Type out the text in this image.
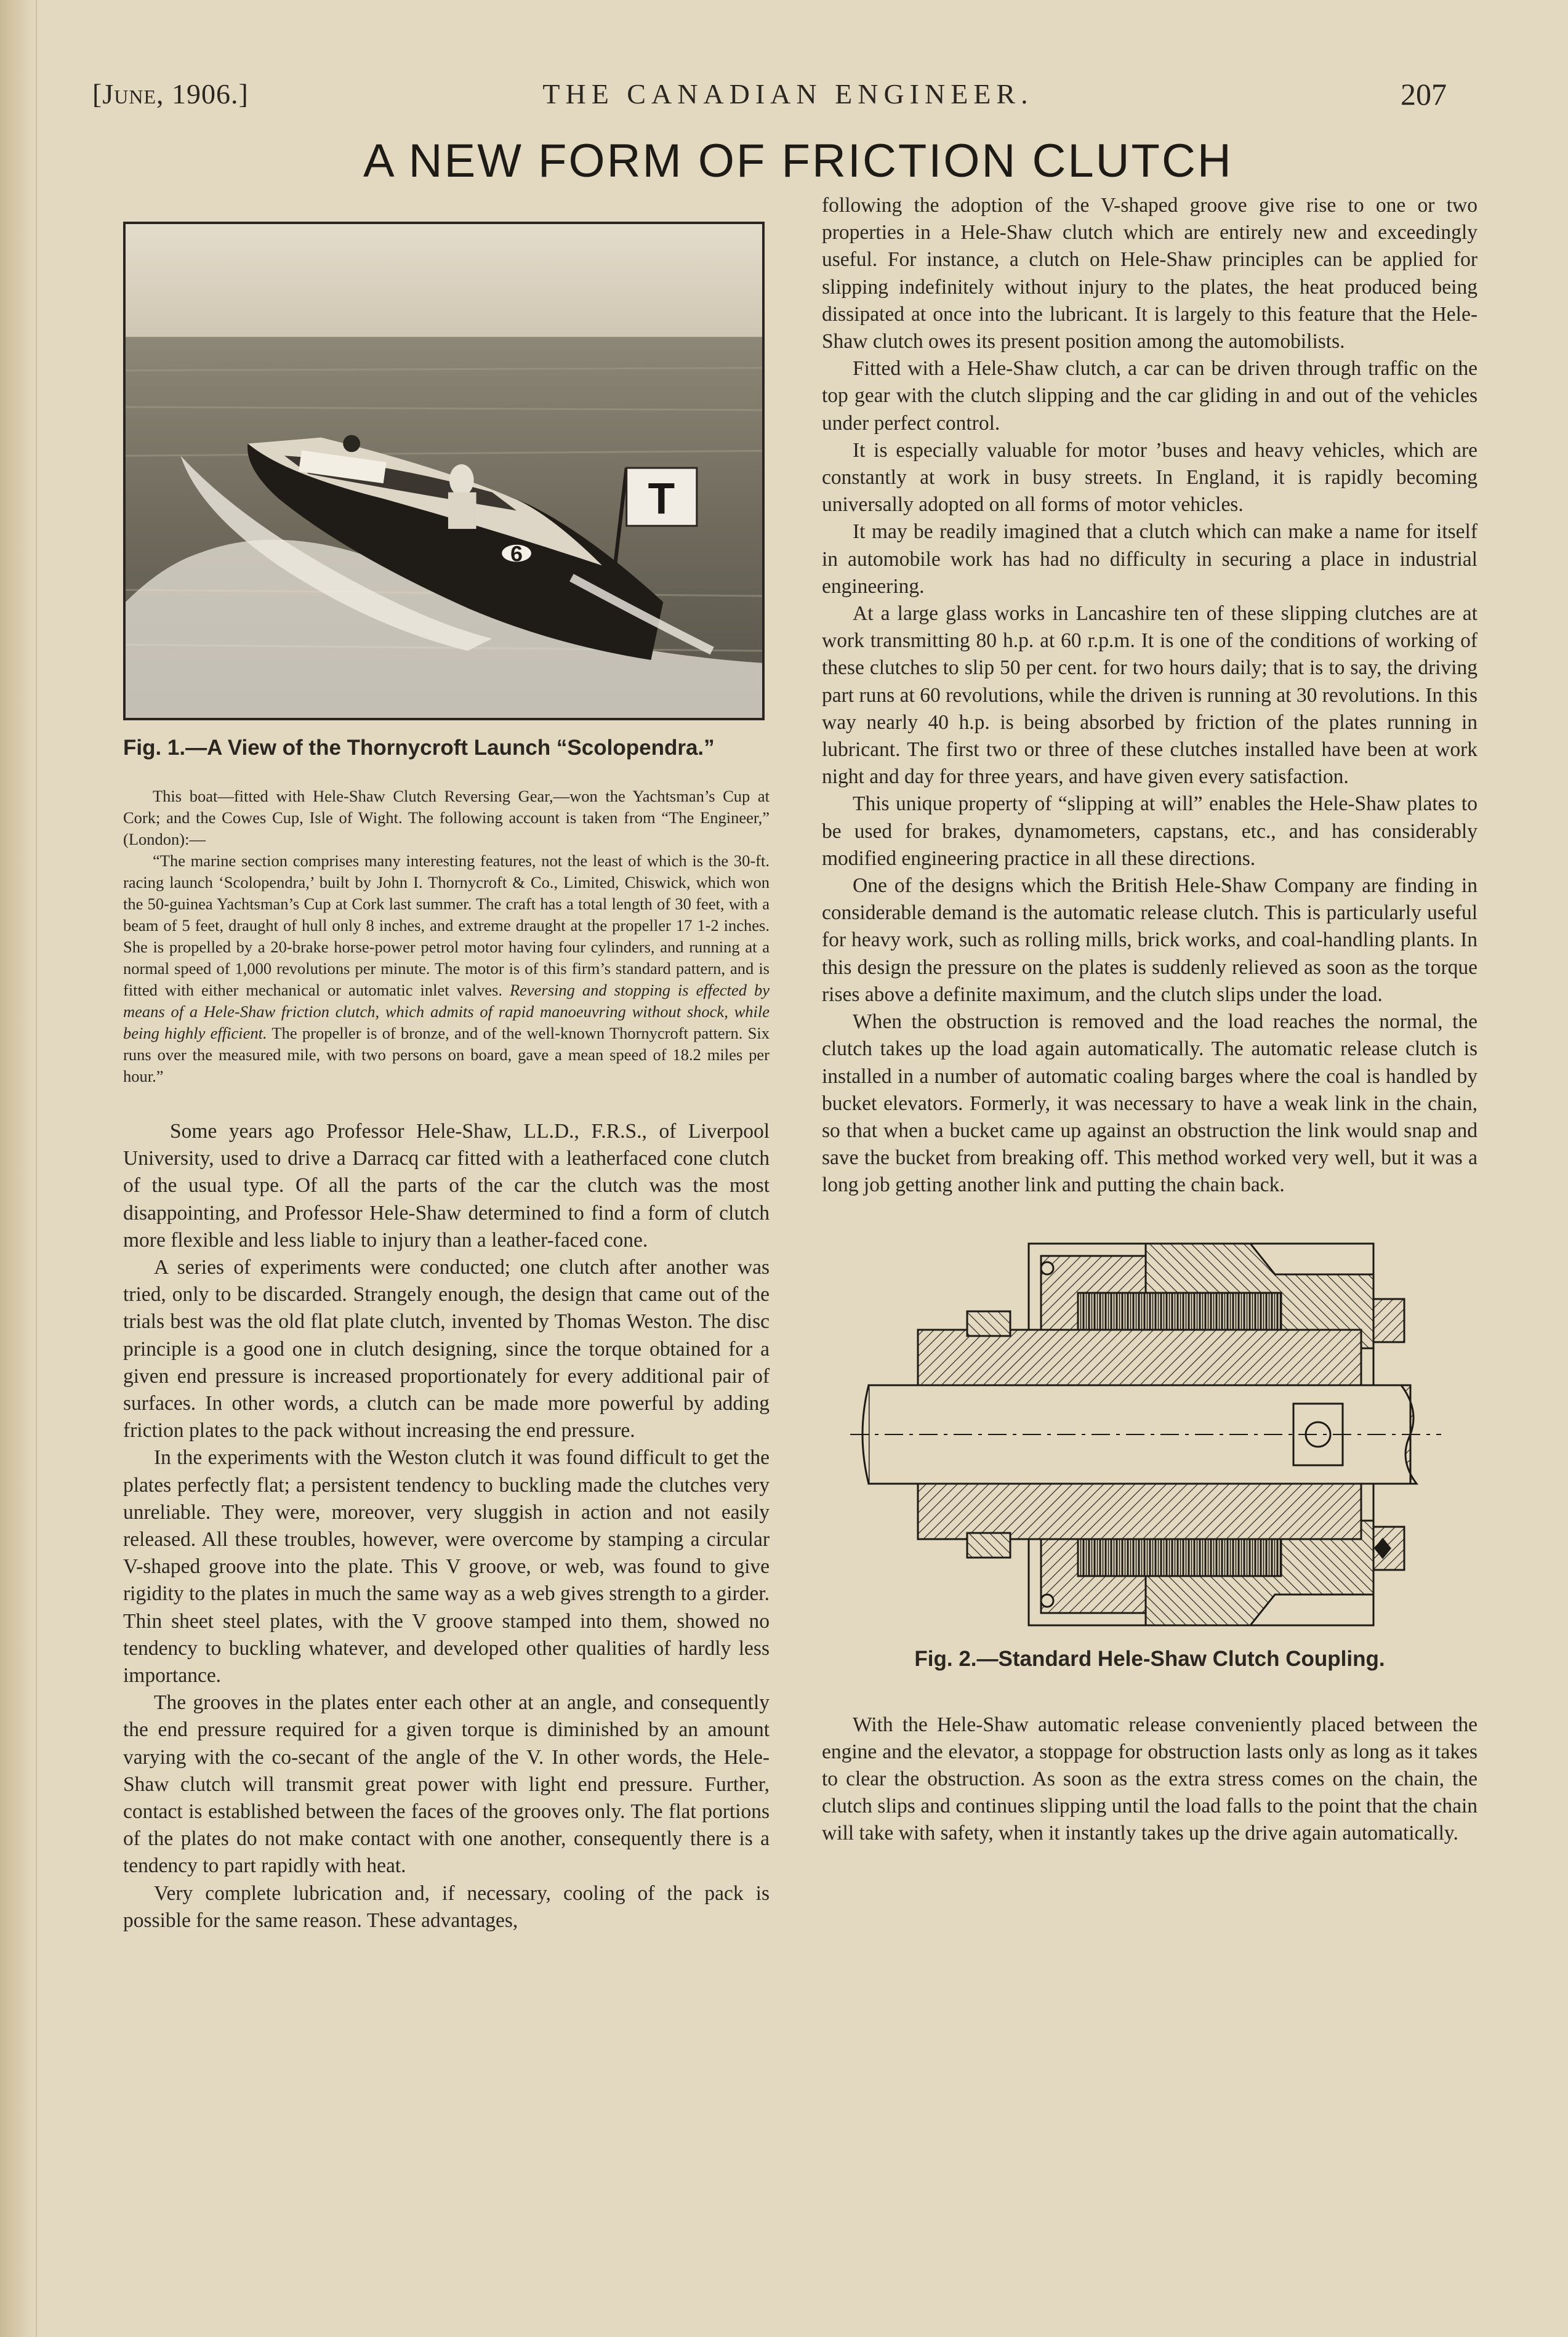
[June, 1906.]	THE CANADIAN ENGINEER.	207
A NEW FORM OF FRICTION CLUTCH
T
6

Fig. 1.—A View of the Thornycroft Launch “Scolopendra.”

This boat—fitted with Hele-Shaw Clutch Reversing Gear,—won the Yachtsman’s Cup at Cork; and the Cowes Cup, Isle of Wight. The following account is taken from “The Engineer,” (London):—

“The marine section comprises many interesting features, not the least of which is the 30-ft. racing launch ‘Scolopendra,’ built by John I. Thornycroft & Co., Limited, Chiswick, which won the 50-guinea Yachtsman’s Cup at Cork last summer. The craft has a total length of 30 feet, with a beam of 5 feet, draught of hull only 8 inches, and extreme draught at the propeller 17 1-2 inches. She is propelled by a 20-brake horse-power petrol motor having four cylinders, and running at a normal speed of 1,000 revolutions per minute. The motor is of this firm’s standard pattern, and is fitted with either mechanical or automatic inlet valves. Reversing and stopping is effected by means of a Hele-Shaw friction clutch, which admits of rapid manoeuvring without shock, while being highly efficient. The propeller is of bronze, and of the well-known Thornycroft pattern. Six runs over the measured mile, with two persons on board, gave a mean speed of 18.2 miles per hour.”

Some years ago Professor Hele-Shaw, LL.D., F.R.S., of Liverpool University, used to drive a Darracq car fitted with a leatherfaced cone clutch of the usual type. Of all the parts of the car the clutch was the most disappointing, and Professor Hele-Shaw determined to find a form of clutch more flexible and less liable to injury than a leather-faced cone.

A series of experiments were conducted; one clutch after another was tried, only to be discarded. Strangely enough, the design that came out of the trials best was the old flat plate clutch, invented by Thomas Weston. The disc principle is a good one in clutch designing, since the torque obtained for a given end pressure is increased proportionately for every additional pair of surfaces. In other words, a clutch can be made more powerful by adding friction plates to the pack without increasing the end pressure.

In the experiments with the Weston clutch it was found difficult to get the plates perfectly flat; a persistent tendency to buckling made the clutches very unreliable. They were, moreover, very sluggish in action and not easily released. All these troubles, however, were overcome by stamping a circular V-shaped groove into the plate. This V groove, or web, was found to give rigidity to the plates in much the same way as a web gives strength to a girder. Thin sheet steel plates, with the V groove stamped into them, showed no tendency to buckling whatever, and developed other qualities of hardly less importance.

The grooves in the plates enter each other at an angle, and consequently the end pressure required for a given torque is diminished by an amount varying with the co-secant of the angle of the V. In other words, the Hele-Shaw clutch will transmit great power with light end pressure. Further, contact is established between the faces of the grooves only. The flat portions of the plates do not make contact with one another, consequently there is a tendency to part rapidly with heat.

Very complete lubrication and, if necessary, cooling of the pack is possible for the same reason. These advantages,

following the adoption of the V-shaped groove give rise to one or two properties in a Hele-Shaw clutch which are entirely new and exceedingly useful. For instance, a clutch on Hele-Shaw principles can be applied for slipping indefinitely without injury to the plates, the heat produced being dissipated at once into the lubricant. It is largely to this feature that the Hele-Shaw clutch owes its present position among the automobilists.

Fitted with a Hele-Shaw clutch, a car can be driven through traffic on the top gear with the clutch slipping and the car gliding in and out of the vehicles under perfect control.

It is especially valuable for motor ’buses and heavy vehicles, which are constantly at work in busy streets. In England, it is rapidly becoming universally adopted on all forms of motor vehicles.

It may be readily imagined that a clutch which can make a name for itself in automobile work has had no difficulty in securing a place in industrial engineering.

At a large glass works in Lancashire ten of these slipping clutches are at work transmitting 80 h.p. at 60 r.p.m. It is one of the conditions of working of these clutches to slip 50 per cent. for two hours daily; that is to say, the driving part runs at 60 revolutions, while the driven is running at 30 revolutions. In this way nearly 40 h.p. is being absorbed by friction of the plates running in lubricant. The first two or three of these clutches installed have been at work night and day for three years, and have given every satisfaction.

This unique property of “slipping at will” enables the Hele-Shaw plates to be used for brakes, dynamometers, capstans, etc., and has considerably modified engineering practice in all these directions.

One of the designs which the British Hele-Shaw Company are finding in considerable demand is the automatic release clutch. This is particularly useful for heavy work, such as rolling mills, brick works, and coal-handling plants. In this design the pressure on the plates is suddenly relieved as soon as the torque rises above a definite maximum, and the clutch slips under the load.

When the obstruction is removed and the load reaches the normal, the clutch takes up the load again automatically. The automatic release clutch is installed in a number of automatic coaling barges where the coal is handled by bucket elevators. Formerly, it was necessary to have a weak link in the chain, so that when a bucket came up against an obstruction the link would snap and save the bucket from breaking off. This method worked very well, but it was a long job getting another link and putting the chain back.

Fig. 2.—Standard Hele-Shaw Clutch Coupling.

With the Hele-Shaw automatic release conveniently placed between the engine and the elevator, a stoppage for obstruction lasts only as long as it takes to clear the obstruction. As soon as the extra stress comes on the chain, the clutch slips and continues slipping until the load falls to the point that the chain will take with safety, when it instantly takes up the drive again automatically.
